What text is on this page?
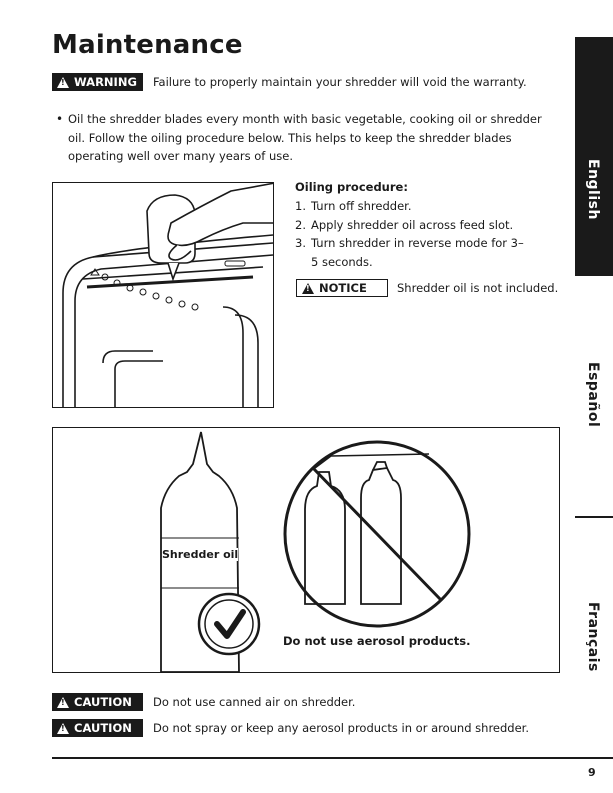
Maintenance
!
WARNING Failure to properly maintain your shredder will void the warranty.
• Oil the shredder blades every month with basic vegetable, cooking oil or shredder oil. Follow the oiling procedure below. This helps to keep the shredder blades operating well over many years of use.
Oiling procedure:
1. Turn off shredder.
2. Apply shredder oil across feed slot.
3. Turn shredder in reverse mode for 3–5 seconds.
!
NOTICE	Shredder oil is not included.
Shredder oil
Do not use aerosol products.
!
CAUTION Do not use canned air on shredder.
!
CAUTION Do not spray or keep any aerosol products in or around shredder.
English
Español
Français
9
